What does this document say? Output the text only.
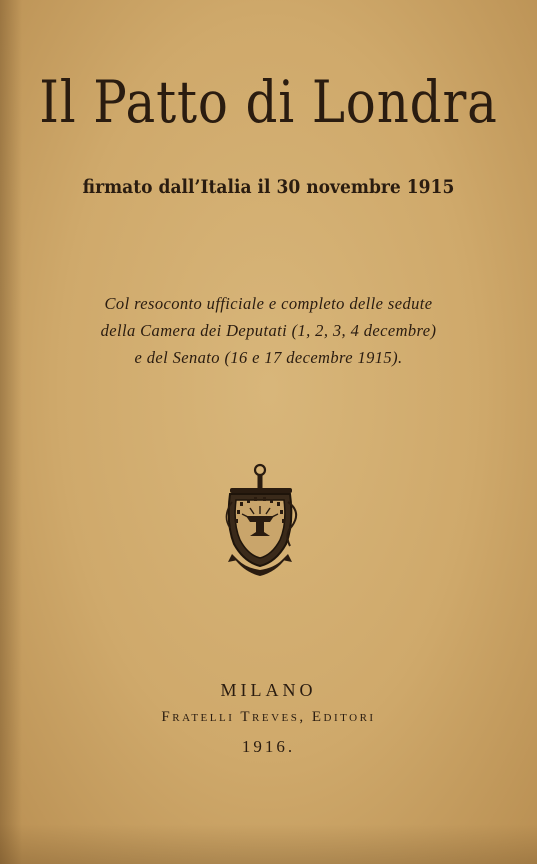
Il Patto di Londra
firmato dall’Italia il 30 novembre 1915
Col resoconto ufficiale e completo delle sedute
della Camera dei Deputati (1, 2, 3, 4 decembre)
e del Senato (16 e 17 decembre 1915).
MILANO
Fratelli Treves, Editori
1916.
